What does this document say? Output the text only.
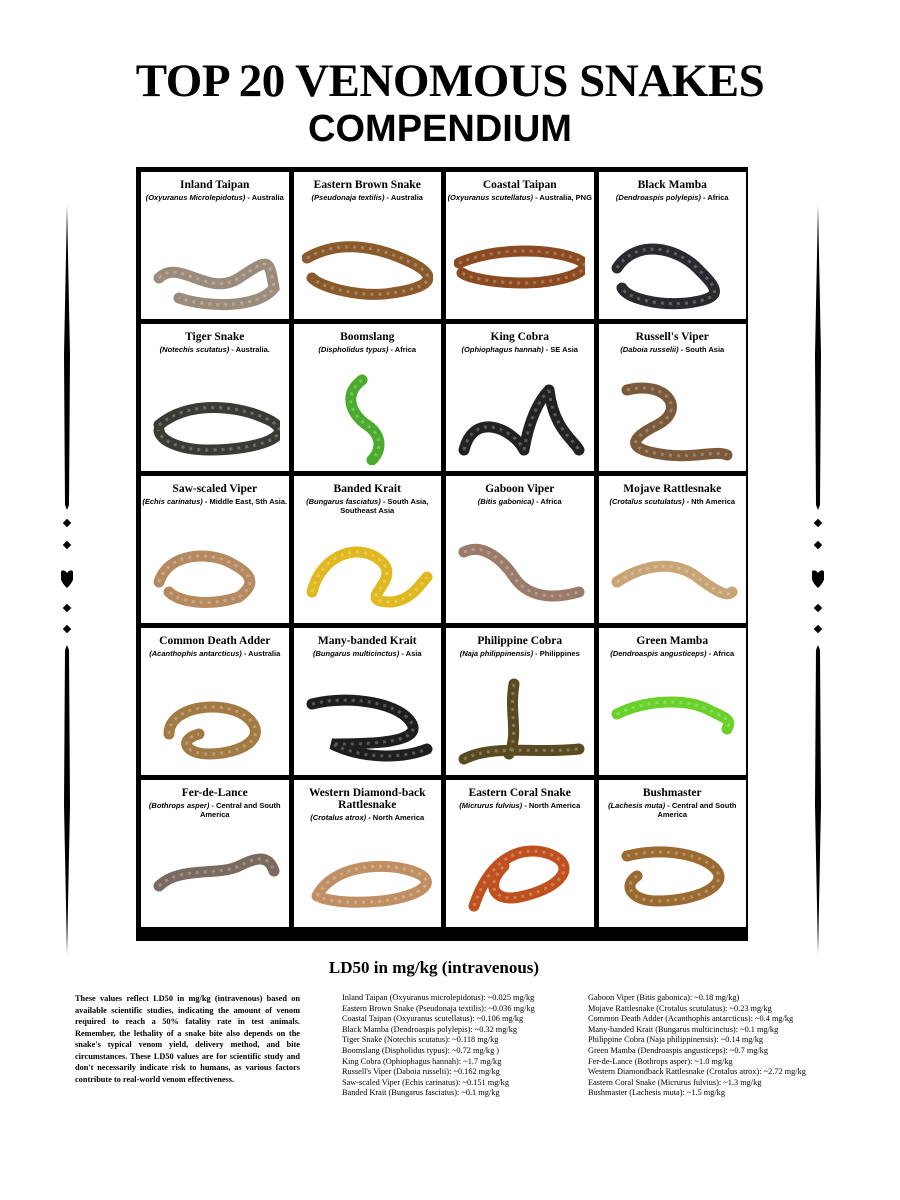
TOP 20 VENOMOUS SNAKES
COMPENDIUM
Inland Taipan
(Oxyuranus Microlepidotus) - Australia
Eastern Brown Snake
(Pseudonaja textilis) - Australia
Coastal Taipan
(Oxyuranus scutellatus) - Australia, PNG
Black Mamba
(Dendroaspis polylepis) - Africa
Tiger Snake
(Notechis scutatus) - Australia.
Boomslang
(Dispholidus typus) - Africa
King Cobra
(Ophiophagus hannah) - SE Asia
Russell's Viper
(Daboia russelii) - South Asia
Saw-scaled Viper
(Echis carinatus) - Middle East, Sth Asia.
Banded Krait
(Bungarus fasciatus) - South Asia, Southeast Asia
Gaboon Viper
(Bitis gabonica) - Africa
Mojave Rattlesnake
(Crotalus scutulatus) - Nth America
Common Death Adder
(Acanthophis antarcticus) - Australia
Many-banded Krait
(Bungarus multicinctus) - Asia
Philippine Cobra
(Naja philippinensis) - Philippines
Green Mamba
(Dendroaspis angusticeps) - Africa
Fer-de-Lance
(Bothrops asper) - Central and South America
Western Diamond-back Rattlesnake
(Crotalus atrox) - North America
Eastern Coral Snake
(Micrurus fulvius) - North America
Bushmaster
(Lachesis muta) - Central and South America
LD50 in mg/kg (intravenous)
These values reflect LD50 in mg/kg (intravenous) based on available scientific studies, indicating the amount of venom required to reach a 50% fatality rate in test animals. Remember, the lethality of a snake bite also depends on the snake's typical venom yield, delivery method, and bite circumstances. These LD50 values are for scientific study and don't necessarily indicate risk to humans, as various factors contribute to real-world venom effectiveness.
Inland Taipan (Oxyuranus microlepidotus): ~0.025 mg/kg
Eastern Brown Snake (Pseudonaja textilis): ~0.036 mg/kg
Coastal Taipan (Oxyuranus scutellatus): ~0.106 mg/kg
Black Mamba (Dendroaspis polylepis): ~0.32 mg/kg
Tiger Snake (Notechis scutatus): ~0.118 mg/kg
Boomslang (Dispholidus typus): ~0.72 mg/kg )
King Cobra (Ophiophagus hannah): ~1.7 mg/kg
Russell's Viper (Daboia russelii): ~0.162 mg/kg
Saw-scaled Viper (Echis carinatus): ~0.151 mg/kg
Banded Krait (Bungarus fasciatus): ~0.1 mg/kg
Gaboon Viper (Bitis gabonica): ~0.18 mg/kg)
Mojave Rattlesnake (Crotalus scutulatus): ~0.23 mg/kg
Common Death Adder (Acanthophis antarcticus): ~0.4 mg/kg
Many-banded Krait (Bungarus multicinctus): ~0.1 mg/kg
Philippine Cobra (Naja philippinensis): ~0.14 mg/kg
Green Mamba (Dendroaspis angusticeps): ~0.7 mg/kg
Fer-de-Lance (Bothrops asper): ~1.0 mg/kg
Western Diamondback Rattlesnake (Crotalus atrox): ~2.72 mg/kg
Eastern Coral Snake (Micrurus fulvius): ~1.3 mg/kg
Bushmaster (Lachesis muta): ~1.5 mg/kg
